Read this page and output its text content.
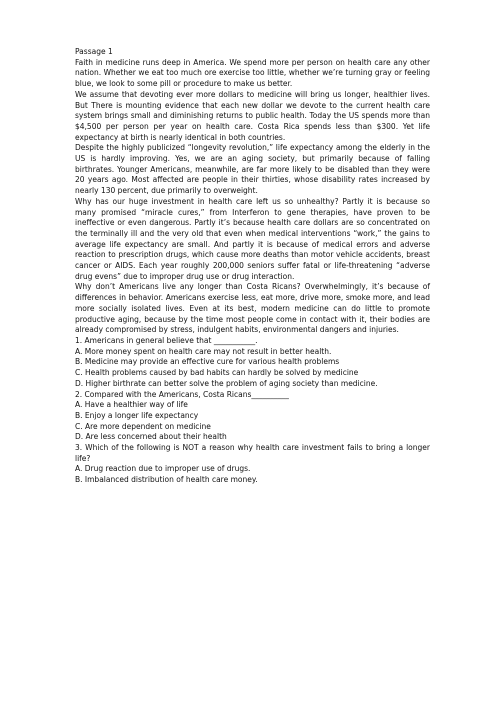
Passage 1

Faith in medicine runs deep in America. We spend more per person on health care any other nation. Whether we eat too much ore exercise too little, whether we’re turning gray or feeling blue, we look to some pill or procedure to make us better.

We assume that devoting ever more dollars to medicine will bring us longer, healthier lives. But There is mounting evidence that each new dollar we devote to the current health care system brings small and diminishing returns to public health. Today the US spends more than $4,500 per person per year on health care. Costa Rica spends less than $300. Yet life expectancy at birth is nearly identical in both countries.

Despite the highly publicized “longevity revolution,” life expectancy among the elderly in the US is hardly improving. Yes, we are an aging society, but primarily because of falling birthrates. Younger Americans, meanwhile, are far more likely to be disabled than they were 20 years ago. Most affected are people in their thirties, whose disability rates increased by nearly 130 percent, due primarily to overweight.

Why has our huge investment in health care left us so unhealthy? Partly it is because so many promised “miracle cures,” from Interferon to gene therapies, have proven to be ineffective or even dangerous. Partly it’s because health care dollars are so concentrated on the terminally ill and the very old that even when medical interventions “work,” the gains to average life expectancy are small. And partly it is because of medical errors and adverse reaction to prescription drugs, which cause more deaths than motor vehicle accidents, breast cancer or AIDS. Each year roughly 200,000 seniors suffer fatal or life-threatening “adverse drug evens” due to improper drug use or drug interaction.

Why don’t Americans live any longer than Costa Ricans? Overwhelmingly, it’s because of differences in behavior. Americans exercise less, eat more, drive more, smoke more, and lead more socially isolated lives. Even at its best, modern medicine can do little to promote productive aging, because by the time most people come in contact with it, their bodies are already compromised by stress, indulgent habits, environmental dangers and injuries.

1. Americans in general believe that ___________.

A. More money spent on health care may not result in better health.

B. Medicine may provide an effective cure for various health problems

C. Health problems caused by bad habits can hardly be solved by medicine

D. Higher birthrate can better solve the problem of aging society than medicine.

2. Compared with the Americans, Costa Ricans__________

A. Have a healthier way of life

B. Enjoy a longer life expectancy

C. Are more dependent on medicine

D. Are less concerned about their health

3. Which of the following is NOT a reason why health care investment fails to bring a longer life?

A. Drug reaction due to improper use of drugs.

B. Imbalanced distribution of health care money.
